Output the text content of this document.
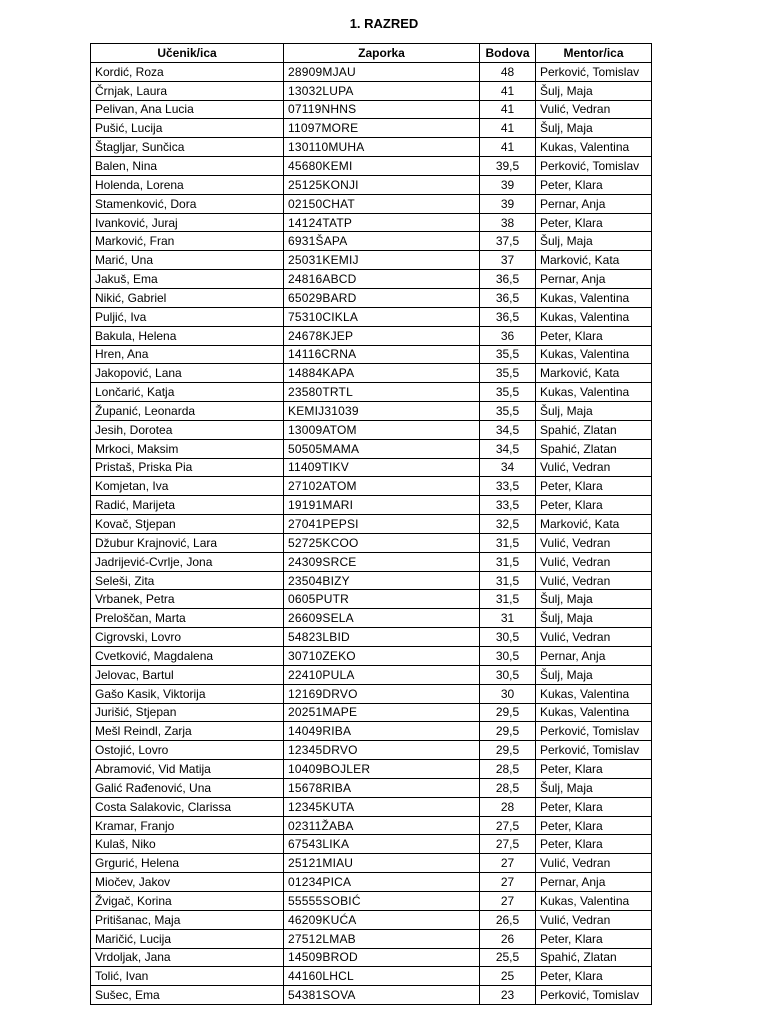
1. RAZRED
Učenik/ica	Zaporka	Bodova	Mentor/ica
Kordić, Roza	28909MJAU	48	Perković, Tomislav
Črnjak, Laura	13032LUPA	41	Šulj, Maja
Pelivan, Ana Lucia	07119NHNS	41	Vulić, Vedran
Pušić, Lucija	11097MORE	41	Šulj, Maja
Štagljar, Sunčica	130110MUHA	41	Kukas, Valentina
Balen, Nina	45680KEMI	39,5	Perković, Tomislav
Holenda, Lorena	25125KONJI	39	Peter, Klara
Stamenković, Dora	02150CHAT	39	Pernar, Anja
Ivanković, Juraj	14124TATP	38	Peter, Klara
Marković, Fran	6931ŠAPA	37,5	Šulj, Maja
Marić, Una	25031KEMIJ	37	Marković, Kata
Jakuš, Ema	24816ABCD	36,5	Pernar, Anja
Nikić, Gabriel	65029BARD	36,5	Kukas, Valentina
Puljić, Iva	75310CIKLA	36,5	Kukas, Valentina
Bakula, Helena	24678KJEP	36	Peter, Klara
Hren, Ana	14116CRNA	35,5	Kukas, Valentina
Jakopović, Lana	14884KAPA	35,5	Marković, Kata
Lončarić, Katja	23580TRTL	35,5	Kukas, Valentina
Županić, Leonarda	KEMIJ31039	35,5	Šulj, Maja
Jesih, Dorotea	13009ATOM	34,5	Spahić, Zlatan
Mrkoci, Maksim	50505MAMA	34,5	Spahić, Zlatan
Pristaš, Priska Pia	11409TIKV	34	Vulić, Vedran
Komjetan, Iva	27102ATOM	33,5	Peter, Klara
Radić, Marijeta	19191MARI	33,5	Peter, Klara
Kovač, Stjepan	27041PEPSI	32,5	Marković, Kata
Džubur Krajnović, Lara	52725KCOO	31,5	Vulić, Vedran
Jadrijević-Cvrlje, Jona	24309SRCE	31,5	Vulić, Vedran
Seleši, Zita	23504BIZY	31,5	Vulić, Vedran
Vrbanek, Petra	0605PUTR	31,5	Šulj, Maja
Preloščan, Marta	26609SELA	31	Šulj, Maja
Cigrovski, Lovro	54823LBID	30,5	Vulić, Vedran
Cvetković, Magdalena	30710ZEKO	30,5	Pernar, Anja
Jelovac, Bartul	22410PULA	30,5	Šulj, Maja
Gašo Kasik, Viktorija	12169DRVO	30	Kukas, Valentina
Jurišić, Stjepan	20251MAPE	29,5	Kukas, Valentina
Mešl Reindl, Zarja	14049RIBA	29,5	Perković, Tomislav
Ostojić, Lovro	12345DRVO	29,5	Perković, Tomislav
Abramović, Vid Matija	10409BOJLER	28,5	Peter, Klara
Galić Rađenović, Una	15678RIBA	28,5	Šulj, Maja
Costa Salakovic, Clarissa	12345KUTA	28	Peter, Klara
Kramar, Franjo	02311ŽABA	27,5	Peter, Klara
Kulaš, Niko	67543LIKA	27,5	Peter, Klara
Grgurić, Helena	25121MIAU	27	Vulić, Vedran
Miočev, Jakov	01234PICA	27	Pernar, Anja
Žvigač, Korina	55555SOBIĆ	27	Kukas, Valentina
Pritišanac, Maja	46209KUĆA	26,5	Vulić, Vedran
Maričić, Lucija	27512LMAB	26	Peter, Klara
Vrdoljak, Jana	14509BROD	25,5	Spahić, Zlatan
Tolić, Ivan	44160LHCL	25	Peter, Klara
Sušec, Ema	54381SOVA	23	Perković, Tomislav
